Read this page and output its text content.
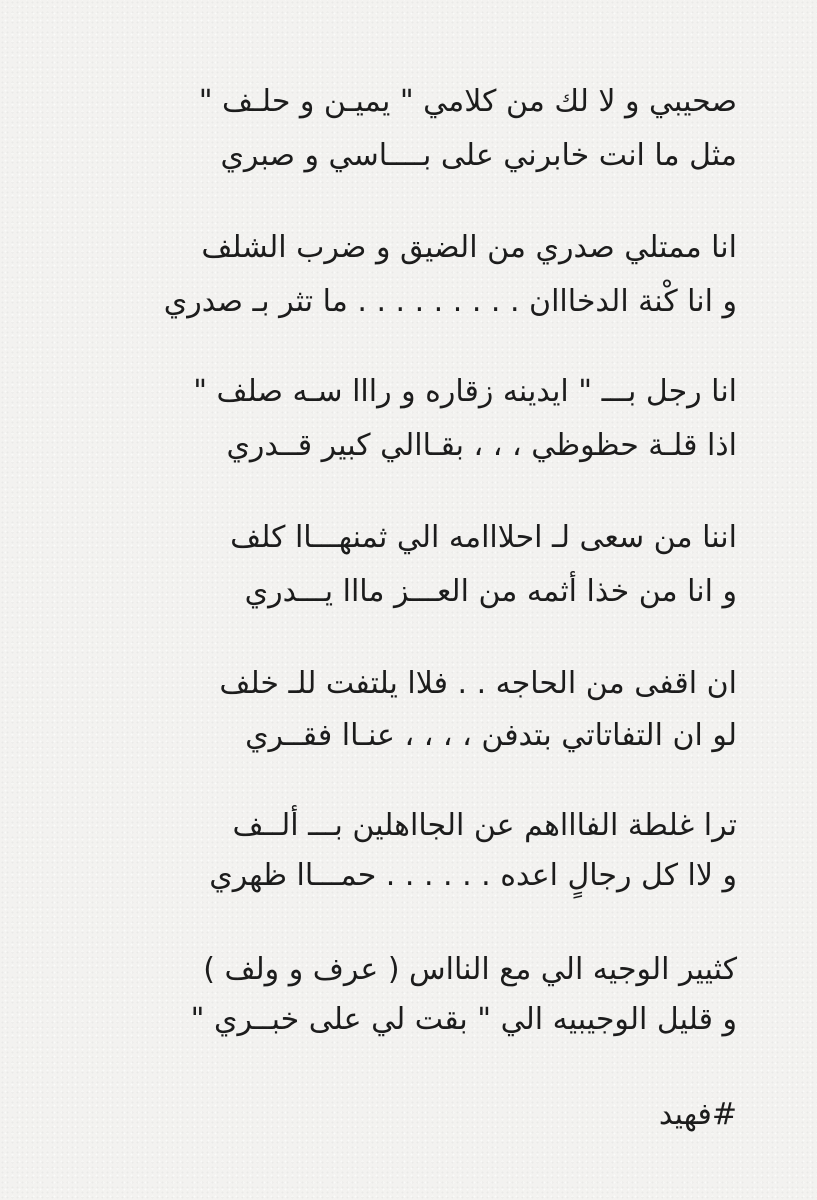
صحيبي و لا لك من كلامي " يميـن و حلـف "
مثل ما انت خابرني على بــــاسي و صبري
انا ممتلي صدري من الضيق و ضرب الشلف
و انا كْنة الدخااان . . . . . . . . . ما تثر بـ صدري
انا رجل بـــ " ايدينه زقاره و رااا سـه صلف "
اذا قلـة حظوظي ، ، ، بقـاالي كبير قــدري
اننا من سعى لـ احلااامه الي ثمنهـــاا كلف
و انا من خذا أثمه من العـــز مااا يـــدري
ان اقفى من الحاجه . . فلاا يلتفت للـ خلف
لو ان التفاتاتي بتدفن ، ، ، ، عنـاا فقــري
ترا غلطة الفاااهم عن الجااهلين بـــ ألــف
و لاا كل رجالٍ اعده . . . . . . حمـــاا ظهري
كثيير الوجيه الي مع النااس ( عرف و ولف )
و قليل الوجيبيه الي " بقت لي على خبــري "
#فهيد
